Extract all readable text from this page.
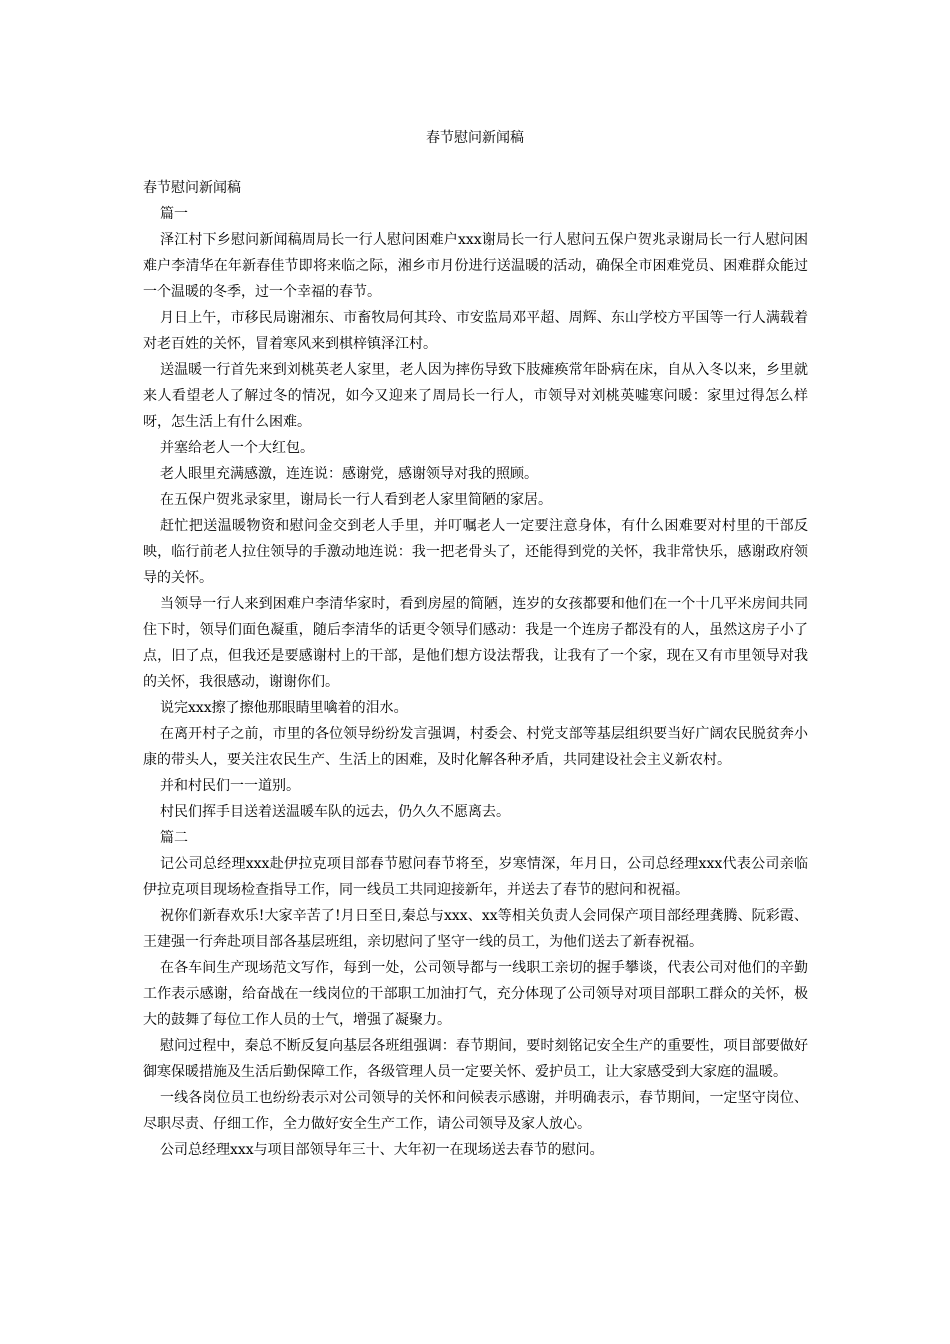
春节慰问新闻稿

春节慰问新闻稿

篇一

泽江村下乡慰问新闻稿周局长一行人慰问困难户xxx谢局长一行人慰问五保户贺兆录谢局长一行人慰问困难户李清华在年新春佳节即将来临之际，湘乡市月份进行送温暖的活动，确保全市困难党员、困难群众能过一个温暖的冬季，过一个幸福的春节。

月日上午，市移民局谢湘东、市畜牧局何其玲、市安监局邓平超、周辉、东山学校方平国等一行人满载着对老百姓的关怀，冒着寒风来到棋梓镇泽江村。

送温暖一行首先来到刘桃英老人家里，老人因为摔伤导致下肢瘫痪常年卧病在床，自从入冬以来，乡里就来人看望老人了解过冬的情况，如今又迎来了周局长一行人，市领导对刘桃英嘘寒问暖：家里过得怎么样呀，怎生活上有什么困难。

并塞给老人一个大红包。

老人眼里充满感激，连连说：感谢党，感谢领导对我的照顾。

在五保户贺兆录家里，谢局长一行人看到老人家里简陋的家居。

赶忙把送温暖物资和慰问金交到老人手里，并叮嘱老人一定要注意身体，有什么困难要对村里的干部反映，临行前老人拉住领导的手激动地连说：我一把老骨头了，还能得到党的关怀，我非常快乐，感谢政府领导的关怀。

当领导一行人来到困难户李清华家时，看到房屋的简陋，连岁的女孩都要和他们在一个十几平米房间共同住下时，领导们面色凝重，随后李清华的话更令领导们感动：我是一个连房子都没有的人，虽然这房子小了点，旧了点，但我还是要感谢村上的干部，是他们想方设法帮我，让我有了一个家，现在又有市里领导对我的关怀，我很感动，谢谢你们。

说完xxx擦了擦他那眼睛里噙着的泪水。

在离开村子之前，市里的各位领导纷纷发言强调，村委会、村党支部等基层组织要当好广阔农民脱贫奔小康的带头人，要关注农民生产、生活上的困难，及时化解各种矛盾，共同建设社会主义新农村。

并和村民们一一道别。

村民们挥手目送着送温暖车队的远去，仍久久不愿离去。

篇二

记公司总经理xxx赴伊拉克项目部春节慰问春节将至，岁寒情深，年月日，公司总经理xxx代表公司亲临伊拉克项目现场检查指导工作，同一线员工共同迎接新年，并送去了春节的慰问和祝福。

祝你们新春欢乐!大家辛苦了!月日至日,秦总与xxx、xx等相关负责人会同保产项目部经理龚腾、阮彩霞、王建强一行奔赴项目部各基层班组，亲切慰问了坚守一线的员工，为他们送去了新春祝福。

在各车间生产现场范文写作，每到一处，公司领导都与一线职工亲切的握手攀谈，代表公司对他们的辛勤工作表示感谢，给奋战在一线岗位的干部职工加油打气，充分体现了公司领导对项目部职工群众的关怀，极大的鼓舞了每位工作人员的士气，增强了凝聚力。

慰问过程中，秦总不断反复向基层各班组强调：春节期间，要时刻铭记安全生产的重要性，项目部要做好御寒保暖措施及生活后勤保障工作，各级管理人员一定要关怀、爱护员工，让大家感受到大家庭的温暖。

一线各岗位员工也纷纷表示对公司领导的关怀和问候表示感谢，并明确表示，春节期间，一定坚守岗位、尽职尽责、仔细工作，全力做好安全生产工作，请公司领导及家人放心。

公司总经理xxx与项目部领导年三十、大年初一在现场送去春节的慰问。
